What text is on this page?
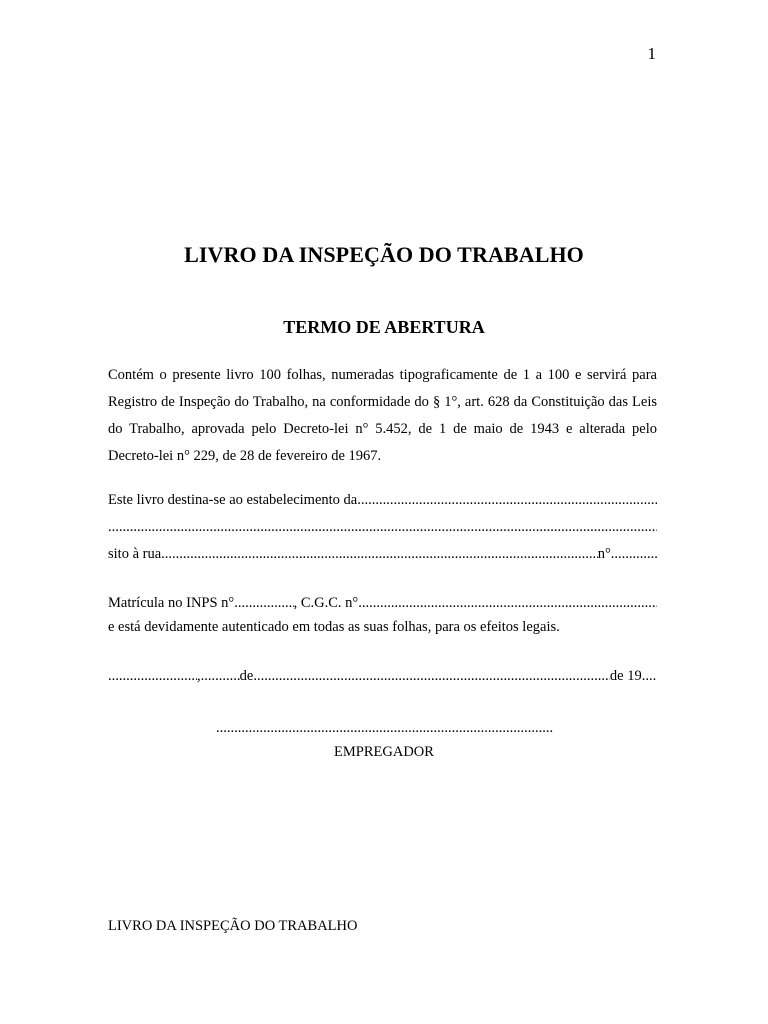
1
LIVRO DA INSPEÇÃO DO TRABALHO
TERMO DE ABERTURA

Contém o presente livro 100 folhas, numeradas tipograficamente de 1 a 100 e servirá para Registro de Inspeção do Trabalho, na conformidade do § 1°, art. 628 da Constituição das Leis do Trabalho, aprovada pelo Decreto-lei n° 5.452, de 1 de maio de 1943 e alterada pelo Decreto-lei n° 229, de 28 de fevereiro de 1967.

Este livro destina-se ao estabelecimento da
.....
.....
sito à rua .....	n°
.....
Matrícula no INPS n° .....	, C.G.C. n°
.....
e está devidamente autenticado em todas as suas folhas, para os efeitos legais.
.....
, .....	de .....	de 19
.....
.....
EMPREGADOR
LIVRO DA INSPEÇÃO DO TRABALHO
